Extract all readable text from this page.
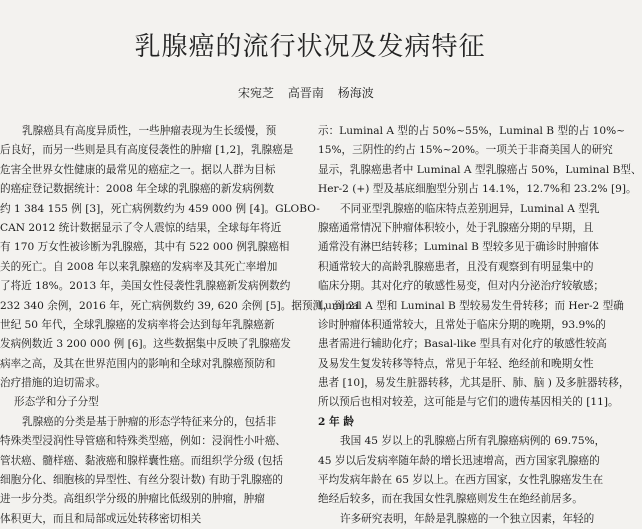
乳腺癌的流行状况及发病特征
宋宛芝 高晋南 杨海波
乳腺癌具有高度异质性，一些肿瘤表现为生长缓慢，预
后良好，而另一些则是具有高度侵袭性的肿瘤 [1,2]，乳腺癌是
危害全世界女性健康的最常见的癌症之一。据以人群为目标
的癌症登记数据统计：2008 年全球的乳腺癌的新发病例数
约 1 384 155 例 [3]，死亡病例数约为 459 000 例 [4]。GLOBO-
CAN 2012 统计数据显示了令人震惊的结果，全球每年将近
有 170 万女性被诊断为乳腺癌，其中有 522 000 例乳腺癌相
关的死亡。自 2008 年以来乳腺癌的发病率及其死亡率增加
了将近 18%。2013 年，美国女性侵袭性乳腺癌新发病例数约
232 340 余例，2016 年，死亡病例数约 39, 620 余例 [5]。据预测，到 21
世纪 50 年代，全球乳腺癌的发病率将会达到每年乳腺癌新
发病例数近 3 200 000 例 [6]。这些数据集中反映了乳腺癌发
病率之高，及其在世界范围内的影响和全球对乳腺癌预防和
治疗措施的迫切需求。
形态学和分子分型
乳腺癌的分类是基于肿瘤的形态学特征来分的，包括非
特殊类型浸润性导管癌和特殊类型癌，例如：浸润性小叶癌、
管状癌、髓样癌、黏液癌和腺样囊性癌。而组织学分级 (包括
细胞分化、细胞核的异型性、有丝分裂计数) 有助于乳腺癌的
进一步分类。高组织学分级的肿瘤比低级别的肿瘤，肿瘤
体积更大，而且和局部或远处转移密切相关
示：Luminal A 型的占 50%~55%，Luminal B 型的占 10%~
15%，三阴性的约占 15%~20%。一项关于非裔美国人的研究
显示，乳腺癌患者中 Luminal A 型乳腺癌占 50%，Luminal B型、
Her-2 (+) 型及基底细胞型分别占 14.1%，12.7%和 23.2% [9]。
不同亚型乳腺癌的临床特点差别迥异，Luminal A 型乳
腺癌通常情况下肿瘤体积较小，处于乳腺癌分期的早期，且
通常没有淋巴结转移；Luminal B 型较多见于确诊时肿瘤体
积通常较大的高龄乳腺癌患者，且没有观察到有明显集中的
临床分期。其对化疗的敏感性易变，但对内分泌治疗较敏感；
Luminal A 型和 Luminal B 型较易发生骨转移；而 Her-2 型确
诊时肿瘤体积通常较大，且常处于临床分期的晚期，93.9%的
患者需进行辅助化疗；Basal-like 型具有对化疗的敏感性较高
及易发生复发转移等特点，常见于年轻、绝经前和晚期女性
患者 [10]，易发生脏器转移，尤其是肝、肺、脑 ) 及多脏器转移，
所以预后也相对较差，这可能是与它们的遗传基因相关的 [11]。
2 年 龄
我国 45 岁以上的乳腺癌占所有乳腺癌病例的 69.75%，
45 岁以后发病率随年龄的增长迅速增高，西方国家乳腺癌的
平均发病年龄在 65 岁以上。在西方国家，女性乳腺癌发生在
绝经后较多，而在我国女性乳腺癌则发生在绝经前居多。
许多研究表明，年龄是乳腺癌的一个独立因素，年轻的
